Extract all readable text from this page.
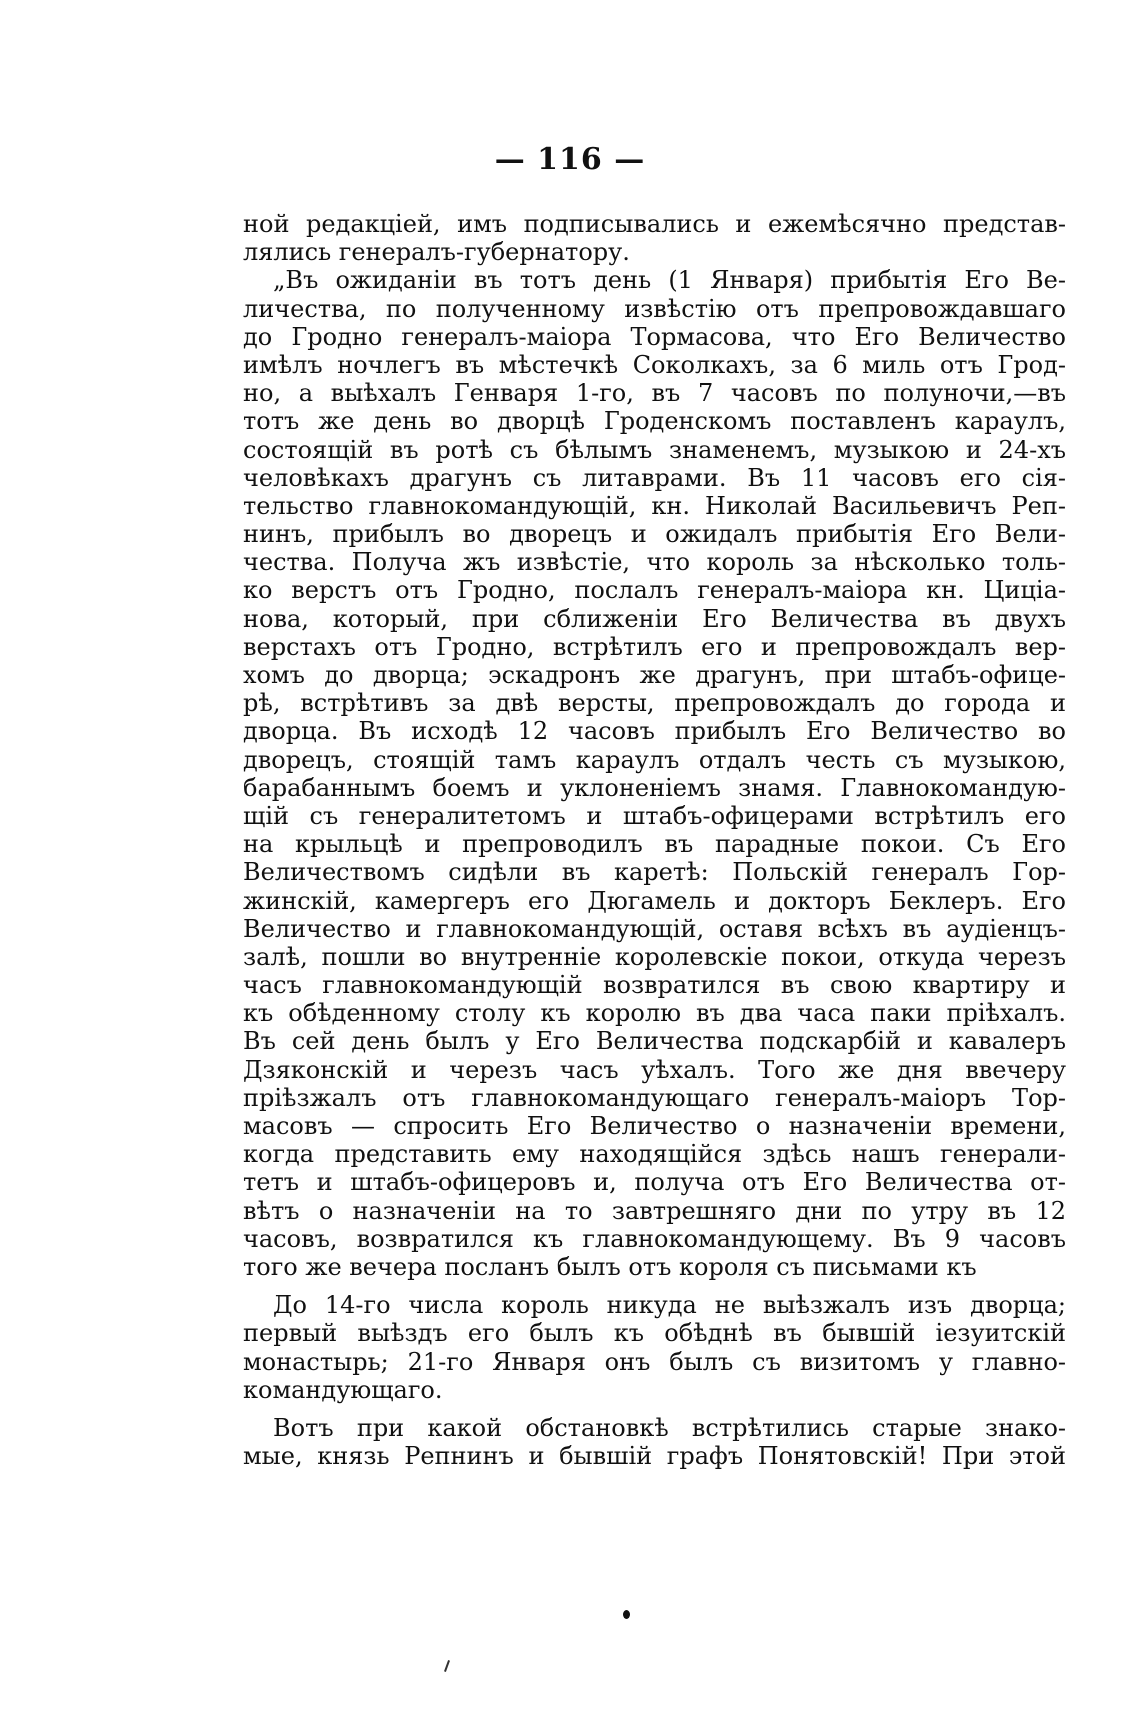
— 116 —
ной редакціей, имъ подписывались и ежемѣсячно представ-
лялись генералъ-губернатору.
„Въ ожиданіи въ тотъ день (1 Января) прибытія Его Ве-
личества, по полученному извѣстію отъ препровождавшаго
до Гродно генералъ-маіора Тормасова, что Его Величество
имѣлъ ночлегъ въ мѣстечкѣ Соколкахъ, за 6 миль отъ Грод-
но, а выѣхалъ Генваря 1-го, въ 7 часовъ по полуночи,—въ
тотъ же день во дворцѣ Гроденскомъ поставленъ караулъ,
состоящій въ ротѣ съ бѣлымъ знаменемъ, музыкою и 24-хъ
человѣкахъ драгунъ съ литаврами. Въ 11 часовъ его сія-
тельство главнокомандующій, кн. Николай Васильевичъ Реп-
нинъ, прибылъ во дворецъ и ожидалъ прибытія Его Вели-
чества. Получа жъ извѣстіе, что король за нѣсколько толь-
ко верстъ отъ Гродно, послалъ генералъ-маіора кн. Циціа-
нова, который, при сближеніи Его Величества въ двухъ
верстахъ отъ Гродно, встрѣтилъ его и препровождалъ вер-
хомъ до дворца; эскадронъ же драгунъ, при штабъ-офице-
рѣ, встрѣтивъ за двѣ версты, препровождалъ до города и
дворца. Въ исходѣ 12 часовъ прибылъ Его Величество во
дворецъ, стоящій тамъ караулъ отдалъ честь съ музыкою,
барабаннымъ боемъ и уклоненіемъ знамя. Главнокомандую-
щій съ генералитетомъ и штабъ-офицерами встрѣтилъ его
на крыльцѣ и препроводилъ въ парадные покои. Съ Его
Величествомъ сидѣли въ каретѣ: Польскій генералъ Гор-
жинскій, камергеръ его Дюгамель и докторъ Беклеръ. Его
Величество и главнокомандующій, оставя всѣхъ въ аудіенцъ-
залѣ, пошли во внутренніе королевскіе покои, откуда черезъ
часъ главнокомандующій возвратился въ свою квартиру и
къ обѣденному столу къ королю въ два часа паки пріѣхалъ.
Въ сей день былъ у Его Величества подскарбій и кавалеръ
Дзяконскій и черезъ часъ уѣхалъ. Того же дня ввечеру
пріѣзжалъ отъ главнокомандующаго генералъ-маіоръ Тор-
масовъ — спросить Его Величество о назначеніи времени,
когда представить ему находящійся здѣсь нашъ генерали-
тетъ и штабъ-офицеровъ и, получа отъ Его Величества от-
вѣтъ о назначеніи на то завтрешняго дни по утру въ 12
часовъ, возвратился къ главнокомандующему. Въ 9 часовъ
того же вечера посланъ былъ отъ короля съ письмами къ
До 14-го числа король никуда не выѣзжалъ изъ дворца;
первый выѣздъ его былъ къ обѣднѣ въ бывшій іезуитскій
монастырь; 21-го Января онъ былъ съ визитомъ у главно-
командующаго.
Вотъ при какой обстановкѣ встрѣтились старые знако-
мые, князь Репнинъ и бывшій графъ Понятовскій! При этой
